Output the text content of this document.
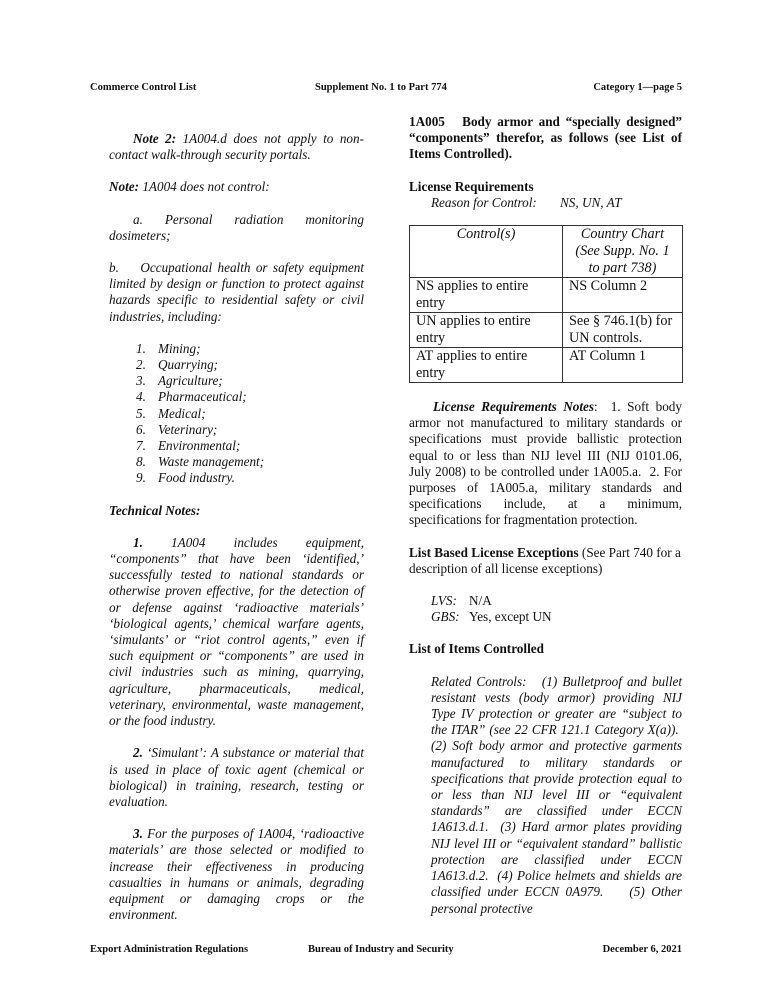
Commerce Control List	Supplement No. 1 to Part 774	Category 1—page 5

Note 2: 1A004.d does not apply to non-contact walk-through security portals.

Note: 1A004 does not control:

a. Personal radiation monitoring dosimeters;

b.    Occupational health or safety equipment limited by design or function to protect against hazards specific to residential safety or civil industries, including:

1. Mining;
2. Quarrying;
3. Agriculture;
4. Pharmaceutical;
5. Medical;
6. Veterinary;
7. Environmental;
8. Waste management;
9. Food industry.

Technical Notes:

1. 1A004 includes equipment, “components” that have been ‘identified,’ successfully tested to national standards or otherwise proven effective, for the detection of or defense against ‘radioactive materials’ ‘biological agents,’ chemical warfare agents, ‘simulants’ or “riot control agents,” even if such equipment or “components” are used in civil industries such as mining, quarrying, agriculture, pharmaceuticals, medical, veterinary, environmental, waste management, or the food industry.

2. ‘Simulant’: A substance or material that is used in place of toxic agent (chemical or biological) in training, research, testing or evaluation.

3. For the purposes of 1A004, ‘radioactive materials’ are those selected or modified to increase their effectiveness in producing casualties in humans or animals, degrading equipment or damaging crops or the environment.

1A005   Body armor and “specially designed” “components” therefor, as follows (see List of Items Controlled).

License Requirements

Reason for Control: NS, UN, AT

Control(s)	Country Chart (See Supp. No. 1 to part 738)
NS applies to entire entry	NS Column 2
UN applies to entire entry	See § 746.1(b) for UN controls.
AT applies to entire entry	AT Column 1

License Requirements Notes:  1. Soft body armor not manufactured to military standards or specifications must provide ballistic protection equal to or less than NIJ level III (NIJ 0101.06, July 2008) to be controlled under 1A005.a.  2. For purposes of 1A005.a, military standards and specifications include, at a minimum, specifications for fragmentation protection.

List Based License Exceptions (See Part 740 for a description of all license exceptions)

LVS: N/A
GBS: Yes, except UN

List of Items Controlled

Related Controls:   (1) Bulletproof and bullet resistant vests (body armor) providing NIJ Type IV protection or greater are “subject to the ITAR” (see 22 CFR 121.1 Category X(a)).  (2) Soft body armor and protective garments manufactured to military standards or specifications that provide protection equal to or less than NIJ level III or “equivalent standards” are classified under ECCN 1A613.d.1.  (3) Hard armor plates providing NIJ level III or “equivalent standard” ballistic protection are classified under ECCN 1A613.d.2.  (4) Police helmets and shields are classified under ECCN 0A979.    (5) Other personal protective

Export Administration Regulations	Bureau of Industry and Security	December 6, 2021
